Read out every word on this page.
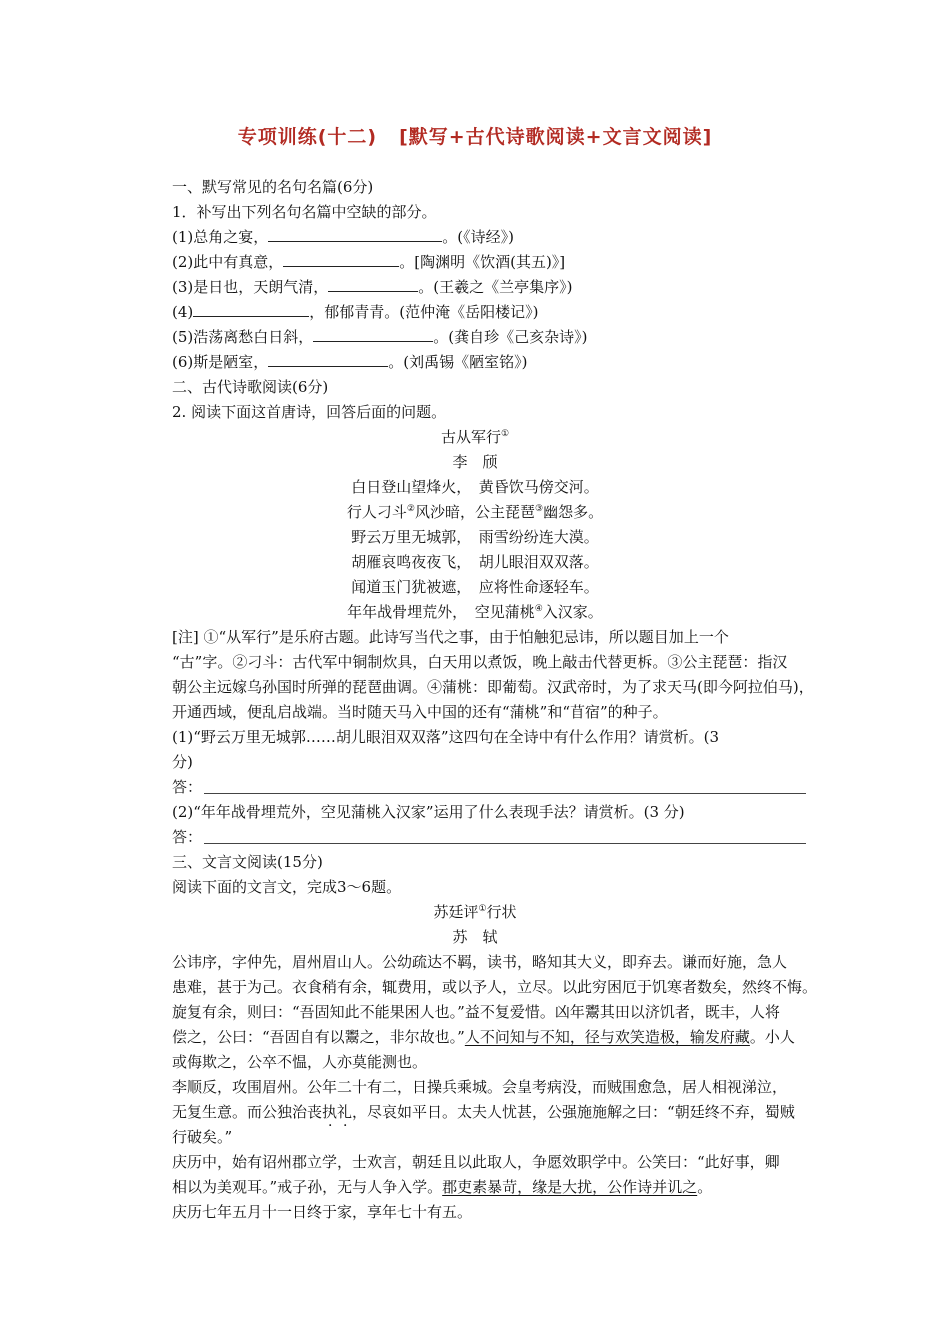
专项训练(十二) [默写+古代诗歌阅读+文言文阅读]
一、默写常见的名句名篇(6分)
1．补写出下列名句名篇中空缺的部分。
(1)总角之宴，	。(《诗经》)
(2)此中有真意，	。[陶渊明《饮酒(其五)》]
(3)是日也，天朗气清，	。(王羲之《兰亭集序》)
(4)	，郁郁青青。(范仲淹《岳阳楼记》)
(5)浩荡离愁白日斜，	。(龚自珍《己亥杂诗》)
(6)斯是陋室，	。(刘禹锡《陋室铭》)
二、古代诗歌阅读(6分)
2. 阅读下面这首唐诗，回答后面的问题。
古从军行①
李　颀
白日登山望烽火，　 黄昏饮马傍交河。
行人刁斗②风沙暗，公主琵琶③幽怨多。
野云万里无城郭，　 雨雪纷纷连大漠。
胡雁哀鸣夜夜飞，　 胡儿眼泪双双落。
闻道玉门犹被遮，　 应将性命逐轻车。
年年战骨埋荒外，　 空见蒲桃④入汉家。
[注] ①“从军行”是乐府古题。此诗写当代之事，由于怕触犯忌讳，所以题目加上一个
“古”字。②刁斗：古代军中铜制炊具，白天用以煮饭，晚上敲击代替更柝。③公主琵琶：指汉
朝公主远嫁乌孙国时所弹的琵琶曲调。④蒲桃：即葡萄。汉武帝时，为了求天马(即今阿拉伯马)，
开通西域，便乱启战端。当时随天马入中国的还有“蒲桃”和“苜宿”的种子。
(1)“野云万里无城郭……胡儿眼泪双双落”这四句在全诗中有什么作用？请赏析。(3
分)
答：
(2)“年年战骨埋荒外，空见蒲桃入汉家”运用了什么表现手法？请赏析。(3 分)
答：
三、文言文阅读(15分)
阅读下面的文言文，完成3～6题。
苏廷评①行状
苏　轼
公讳序，字仲先，眉州眉山人。公幼疏达不羁，读书，略知其大义，即弃去。谦而好施，急人
患难，甚于为己。衣食稍有余，辄费用，或以予人，立尽。以此穷困厄于饥寒者数矣，然终不悔。
旋复有余，则曰：“吾固知此不能果困人也。”益不复爱惜。凶年鬻其田以济饥者，既丰，人将
偿之，公曰：“吾固自有以鬻之，非尔故也。”人不问知与不知，径与欢笑造极，输发府藏。小人
或侮欺之，公卒不愠，人亦莫能测也。
李顺反，攻围眉州。公年二十有二，日操兵乘城。会皇考病没，而贼围愈急，居人相视涕泣，
无复生意。而公独治丧执礼，尽哀如平日。太夫人忧甚，公强施施解之曰：“朝廷终不弃，蜀贼
行破矣。”
庆历中，始有诏州郡立学，士欢言，朝廷且以此取人，争愿效职学中。公笑曰：“此好事，卿
相以为美观耳。”戒子孙，无与人争入学。郡吏素暴苛，缘是大扰，公作诗并讥之。
庆历七年五月十一日终于家，享年七十有五。
